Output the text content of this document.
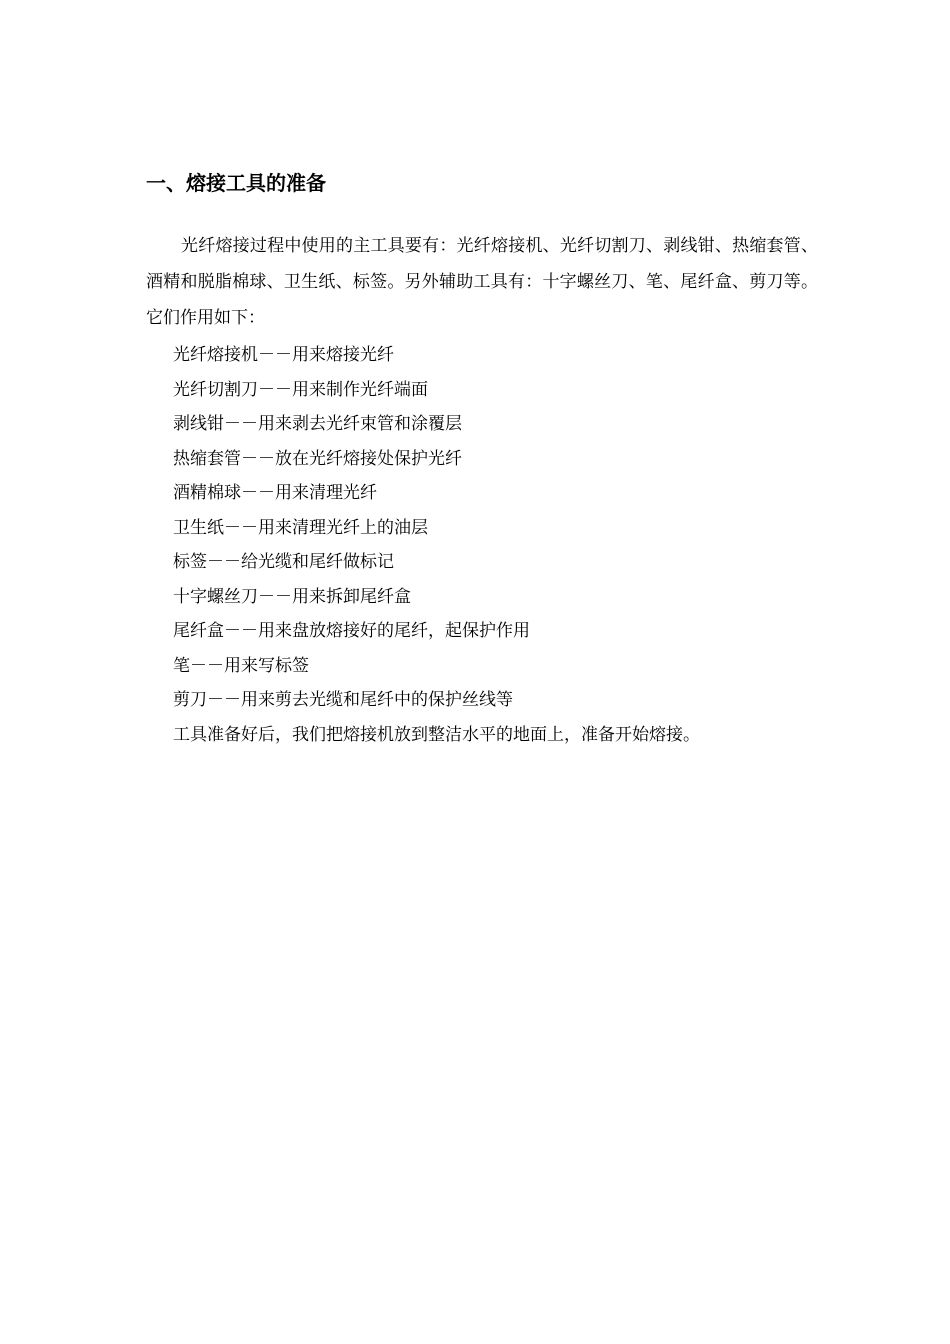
一、熔接工具的准备

光纤熔接过程中使用的主工具要有：光纤熔接机、光纤切割刀、剥线钳、热缩套管、酒精和脱脂棉球、卫生纸、标签。另外辅助工具有：十字螺丝刀、笔、尾纤盒、剪刀等。它们作用如下：

光纤熔接机－－用来熔接光纤
光纤切割刀－－用来制作光纤端面
剥线钳－－用来剥去光纤束管和涂覆层
热缩套管－－放在光纤熔接处保护光纤
酒精棉球－－用来清理光纤
卫生纸－－用来清理光纤上的油层
标签－－给光缆和尾纤做标记
十字螺丝刀－－用来拆卸尾纤盒
尾纤盒－－用来盘放熔接好的尾纤，起保护作用
笔－－用来写标签
剪刀－－用来剪去光缆和尾纤中的保护丝线等

工具准备好后，我们把熔接机放到整洁水平的地面上，准备开始熔接。
